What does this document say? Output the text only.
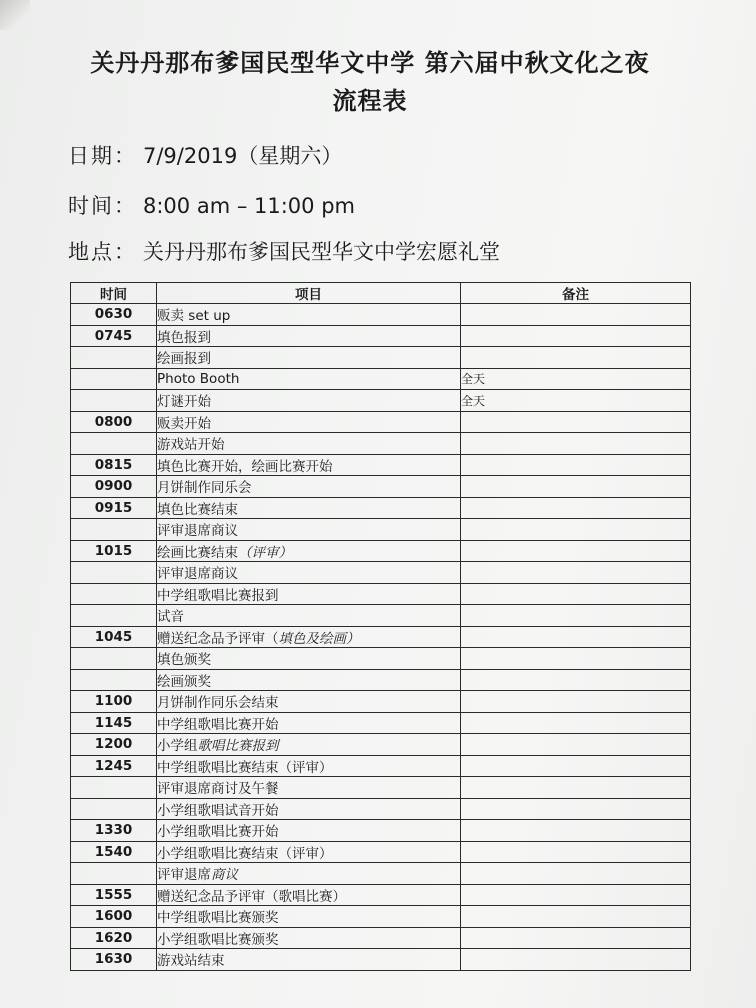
关丹丹那布爹国民型华文中学 第六届中秋文化之夜
流程表
日期： 7/9/2019（星期六）
时间： 8:00 am – 11:00 pm
地点： 关丹丹那布爹国民型华文中学宏愿礼堂
时间	项目	备注
0630	贩卖 set up	
0745	填色报到	
	绘画报到	
	Photo Booth	全天
	灯谜开始	全天
0800	贩卖开始	
	游戏站开始	
0815	填色比赛开始，绘画比赛开始	
0900	月饼制作同乐会	
0915	填色比赛结束	
	评审退席商议	
1015	绘画比赛结束（评审）	
	评审退席商议	
	中学组歌唱比赛报到	
	试音	
1045	赠送纪念品予评审（填色及绘画）	
	填色颁奖	
	绘画颁奖	
1100	月饼制作同乐会结束	
1145	中学组歌唱比赛开始	
1200	小学组歌唱比赛报到	
1245	中学组歌唱比赛结束（评审）	
	评审退席商讨及午餐	
	小学组歌唱试音开始	
1330	小学组歌唱比赛开始	
1540	小学组歌唱比赛结束（评审）	
	评审退席商议	
1555	赠送纪念品予评审（歌唱比赛）	
1600	中学组歌唱比赛颁奖	
1620	小学组歌唱比赛颁奖	
1630	游戏站结束	
